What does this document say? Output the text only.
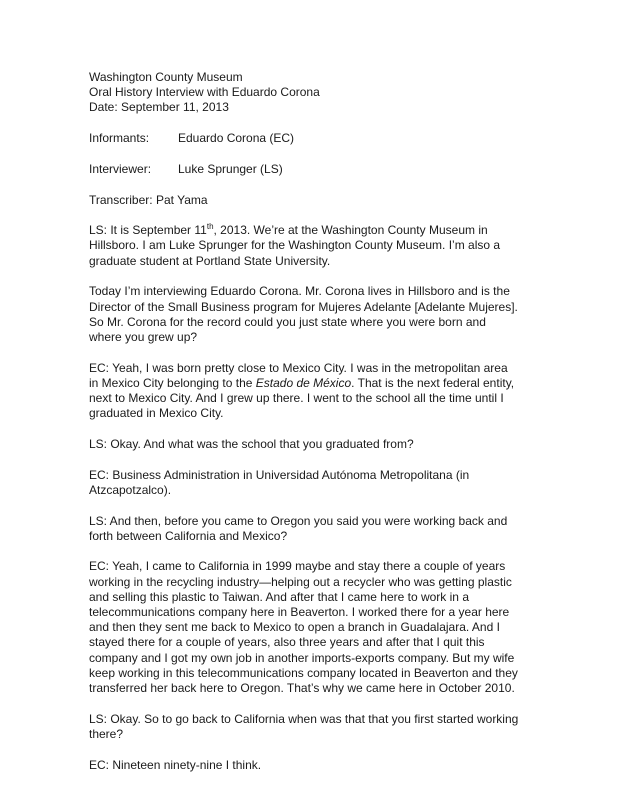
Washington County Museum
Oral History Interview with Eduardo Corona
Date: September 11, 2013
Informants: Eduardo Corona (EC)
Interviewer: Luke Sprunger (LS)
Transcriber: Pat Yama
LS: It is September 11th, 2013. We’re at the Washington County Museum in
Hillsboro. I am Luke Sprunger for the Washington County Museum. I’m also a
graduate student at Portland State University.
Today I’m interviewing Eduardo Corona. Mr. Corona lives in Hillsboro and is the
Director of the Small Business program for Mujeres Adelante [Adelante Mujeres].
So Mr. Corona for the record could you just state where you were born and
where you grew up?
EC: Yeah, I was born pretty close to Mexico City. I was in the metropolitan area
in Mexico City belonging to the Estado de México. That is the next federal entity,
next to Mexico City. And I grew up there. I went to the school all the time until I
graduated in Mexico City.
LS: Okay. And what was the school that you graduated from?
EC: Business Administration in Universidad Autónoma Metropolitana (in
Atzcapotzalco).
LS: And then, before you came to Oregon you said you were working back and
forth between California and Mexico?
EC: Yeah, I came to California in 1999 maybe and stay there a couple of years
working in the recycling industry—helping out a recycler who was getting plastic
and selling this plastic to Taiwan. And after that I came here to work in a
telecommunications company here in Beaverton. I worked there for a year here
and then they sent me back to Mexico to open a branch in Guadalajara. And I
stayed there for a couple of years, also three years and after that I quit this
company and I got my own job in another imports-exports company. But my wife
keep working in this telecommunications company located in Beaverton and they
transferred her back here to Oregon. That’s why we came here in October 2010.
LS: Okay. So to go back to California when was that that you first started working
there?
EC: Nineteen ninety-nine I think.
